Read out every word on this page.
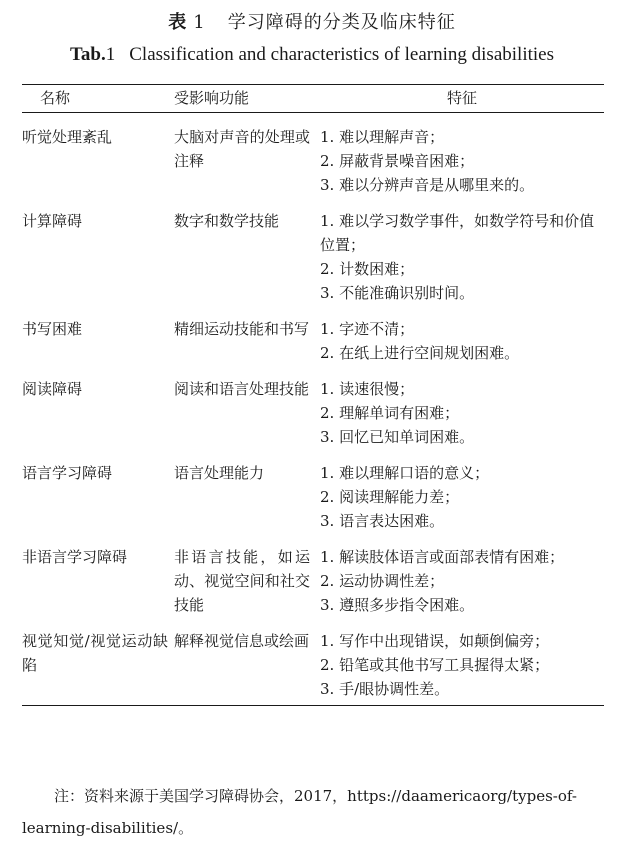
表 1 学习障碍的分类及临床特征
Tab.1 Classification and characteristics of learning disabilities
名称	受影响功能	特征

听觉处理紊乱	大脑对声音的处理或注释	1. 难以理解声音；
2. 屏蔽背景噪音困难；
3. 难以分辨声音是从哪里来的。

计算障碍	数字和数学技能	1. 难以学习数学事件，如数学符号和价值位置；
2. 计数困难；
3. 不能准确识别时间。

书写困难	精细运动技能和书写	1. 字迹不清；
2. 在纸上进行空间规划困难。

阅读障碍	阅读和语言处理技能	1. 读速很慢；
2. 理解单词有困难；
3. 回忆已知单词困难。

语言学习障碍	语言处理能力	1. 难以理解口语的意义；
2. 阅读理解能力差；
3. 语言表达困难。

非语言学习障碍	非语言技能，如运动、视觉空间和社交技能	1. 解读肢体语言或面部表情有困难；
2. 运动协调性差；
3. 遵照多步指令困难。

视觉知觉/视觉运动缺陷	解释视觉信息或绘画	1. 写作中出现错误，如颠倒偏旁；
2. 铅笔或其他书写工具握得太紧；
3. 手/眼协调性差。
注：资料来源于美国学习障碍协会，2017，https://daamericaorg/types-of-learning-disabilities/。
